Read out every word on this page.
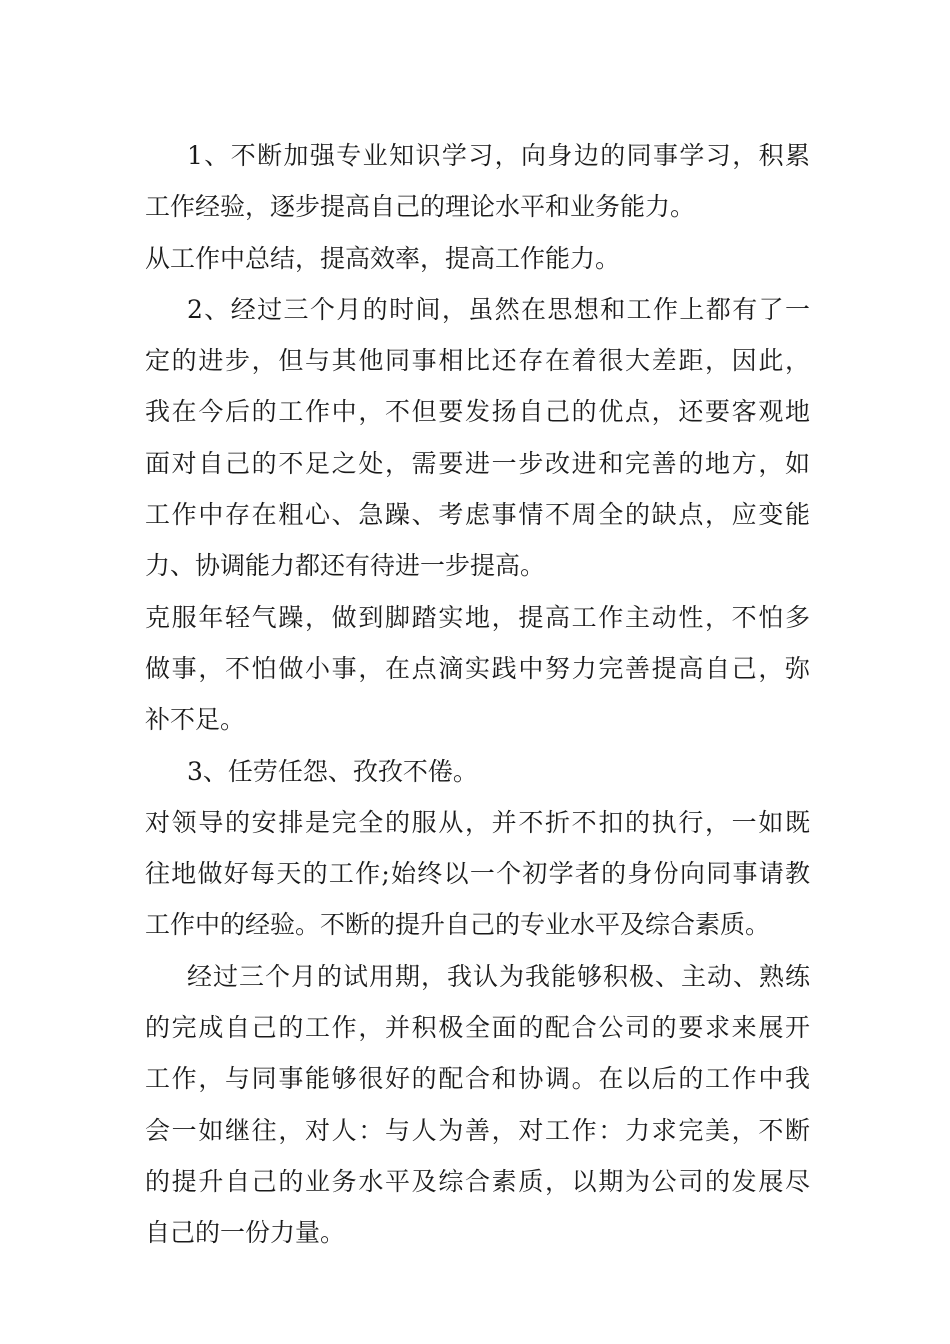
1、不断加强专业知识学习，向身边的同事学习，积累
工作经验，逐步提高自己的理论水平和业务能力。
从工作中总结，提高效率，提高工作能力。
2、经过三个月的时间，虽然在思想和工作上都有了一
定的进步，但与其他同事相比还存在着很大差距，因此，
我在今后的工作中，不但要发扬自己的优点，还要客观地
面对自己的不足之处，需要进一步改进和完善的地方，如
工作中存在粗心、急躁、考虑事情不周全的缺点，应变能
力、协调能力都还有待进一步提高。
克服年轻气躁，做到脚踏实地，提高工作主动性，不怕多
做事，不怕做小事，在点滴实践中努力完善提高自己，弥
补不足。
3、任劳任怨、孜孜不倦。
对领导的安排是完全的服从，并不折不扣的执行，一如既
往地做好每天的工作;始终以一个初学者的身份向同事请教
工作中的经验。不断的提升自己的专业水平及综合素质。
经过三个月的试用期，我认为我能够积极、主动、熟练
的完成自己的工作，并积极全面的配合公司的要求来展开
工作，与同事能够很好的配合和协调。在以后的工作中我
会一如继往，对人：与人为善，对工作：力求完美，不断
的提升自己的业务水平及综合素质，以期为公司的发展尽
自己的一份力量。
